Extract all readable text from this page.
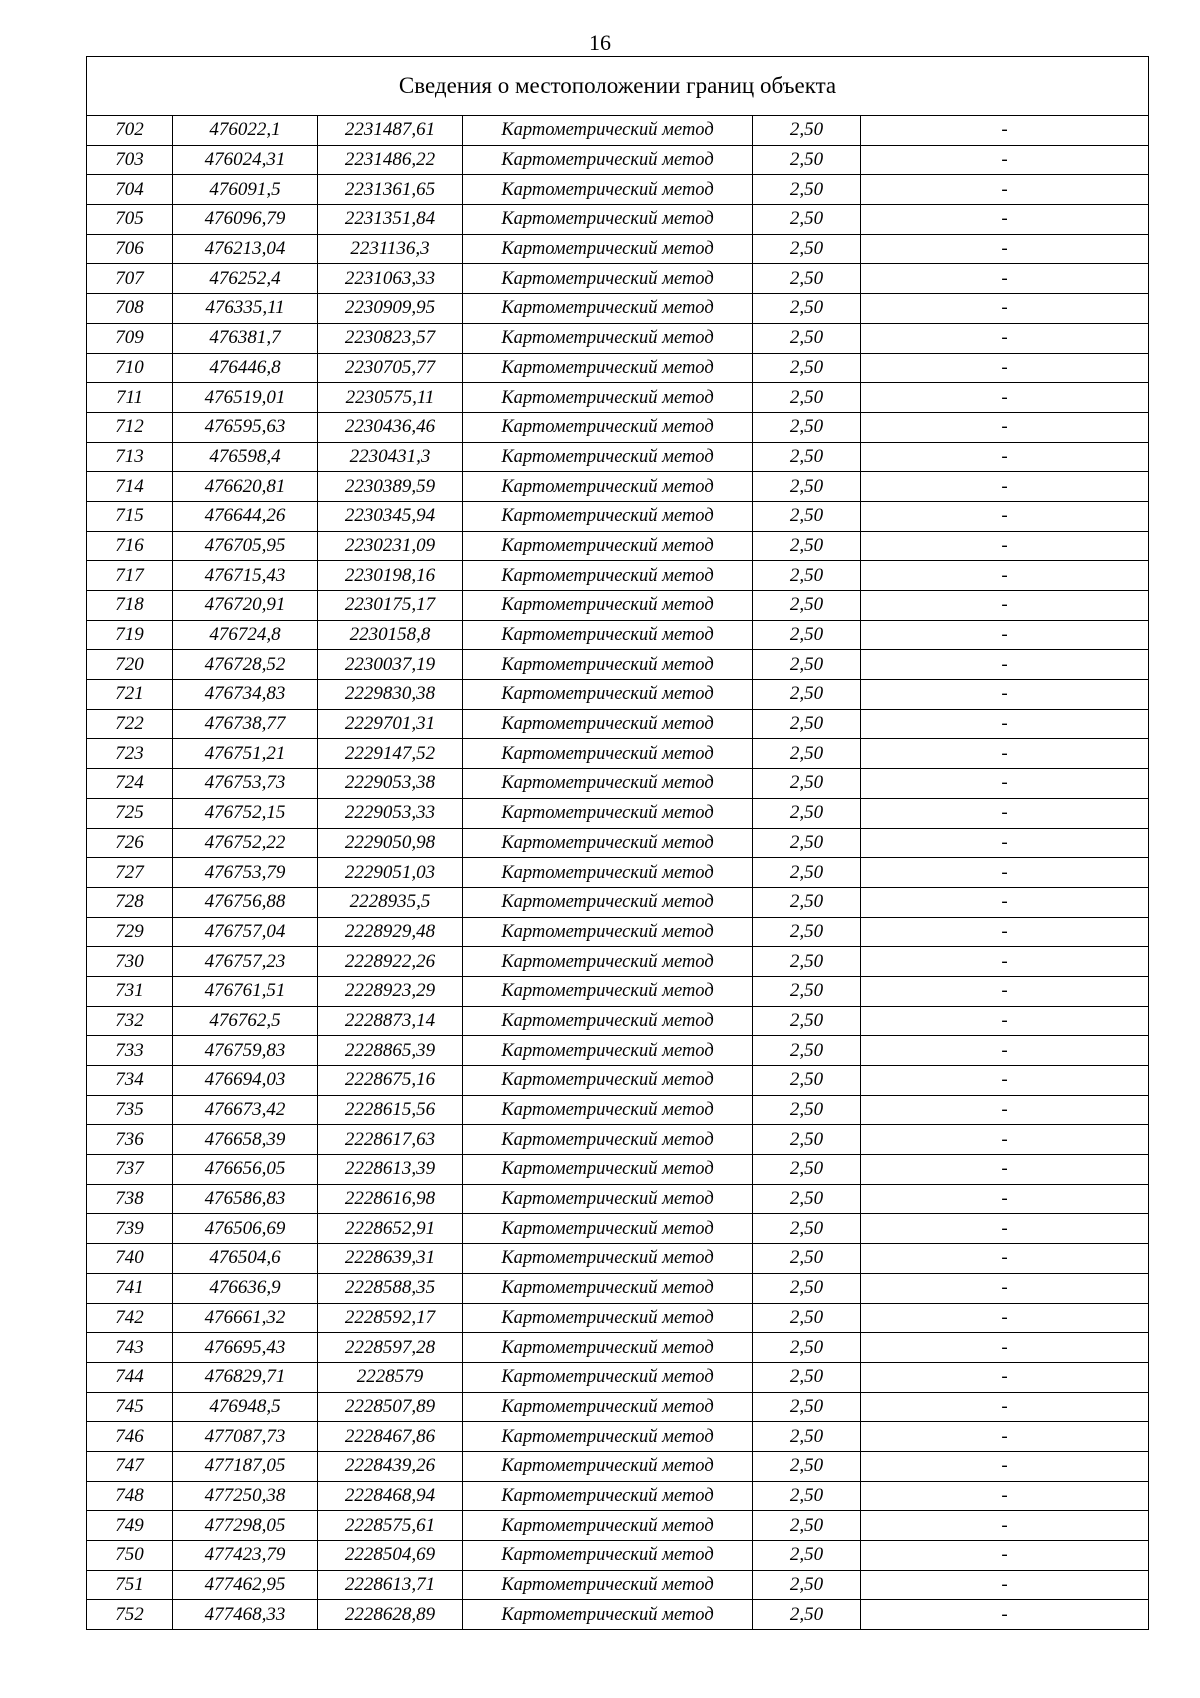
16
Сведения о местоположении границ объекта					
702	476022,1	2231487,61	Картометрический метод	2,50	-
703	476024,31	2231486,22	Картометрический метод	2,50	-
704	476091,5	2231361,65	Картометрический метод	2,50	-
705	476096,79	2231351,84	Картометрический метод	2,50	-
706	476213,04	2231136,3	Картометрический метод	2,50	-
707	476252,4	2231063,33	Картометрический метод	2,50	-
708	476335,11	2230909,95	Картометрический метод	2,50	-
709	476381,7	2230823,57	Картометрический метод	2,50	-
710	476446,8	2230705,77	Картометрический метод	2,50	-
711	476519,01	2230575,11	Картометрический метод	2,50	-
712	476595,63	2230436,46	Картометрический метод	2,50	-
713	476598,4	2230431,3	Картометрический метод	2,50	-
714	476620,81	2230389,59	Картометрический метод	2,50	-
715	476644,26	2230345,94	Картометрический метод	2,50	-
716	476705,95	2230231,09	Картометрический метод	2,50	-
717	476715,43	2230198,16	Картометрический метод	2,50	-
718	476720,91	2230175,17	Картометрический метод	2,50	-
719	476724,8	2230158,8	Картометрический метод	2,50	-
720	476728,52	2230037,19	Картометрический метод	2,50	-
721	476734,83	2229830,38	Картометрический метод	2,50	-
722	476738,77	2229701,31	Картометрический метод	2,50	-
723	476751,21	2229147,52	Картометрический метод	2,50	-
724	476753,73	2229053,38	Картометрический метод	2,50	-
725	476752,15	2229053,33	Картометрический метод	2,50	-
726	476752,22	2229050,98	Картометрический метод	2,50	-
727	476753,79	2229051,03	Картометрический метод	2,50	-
728	476756,88	2228935,5	Картометрический метод	2,50	-
729	476757,04	2228929,48	Картометрический метод	2,50	-
730	476757,23	2228922,26	Картометрический метод	2,50	-
731	476761,51	2228923,29	Картометрический метод	2,50	-
732	476762,5	2228873,14	Картометрический метод	2,50	-
733	476759,83	2228865,39	Картометрический метод	2,50	-
734	476694,03	2228675,16	Картометрический метод	2,50	-
735	476673,42	2228615,56	Картометрический метод	2,50	-
736	476658,39	2228617,63	Картометрический метод	2,50	-
737	476656,05	2228613,39	Картометрический метод	2,50	-
738	476586,83	2228616,98	Картометрический метод	2,50	-
739	476506,69	2228652,91	Картометрический метод	2,50	-
740	476504,6	2228639,31	Картометрический метод	2,50	-
741	476636,9	2228588,35	Картометрический метод	2,50	-
742	476661,32	2228592,17	Картометрический метод	2,50	-
743	476695,43	2228597,28	Картометрический метод	2,50	-
744	476829,71	2228579	Картометрический метод	2,50	-
745	476948,5	2228507,89	Картометрический метод	2,50	-
746	477087,73	2228467,86	Картометрический метод	2,50	-
747	477187,05	2228439,26	Картометрический метод	2,50	-
748	477250,38	2228468,94	Картометрический метод	2,50	-
749	477298,05	2228575,61	Картометрический метод	2,50	-
750	477423,79	2228504,69	Картометрический метод	2,50	-
751	477462,95	2228613,71	Картометрический метод	2,50	-
752	477468,33	2228628,89	Картометрический метод	2,50	-
